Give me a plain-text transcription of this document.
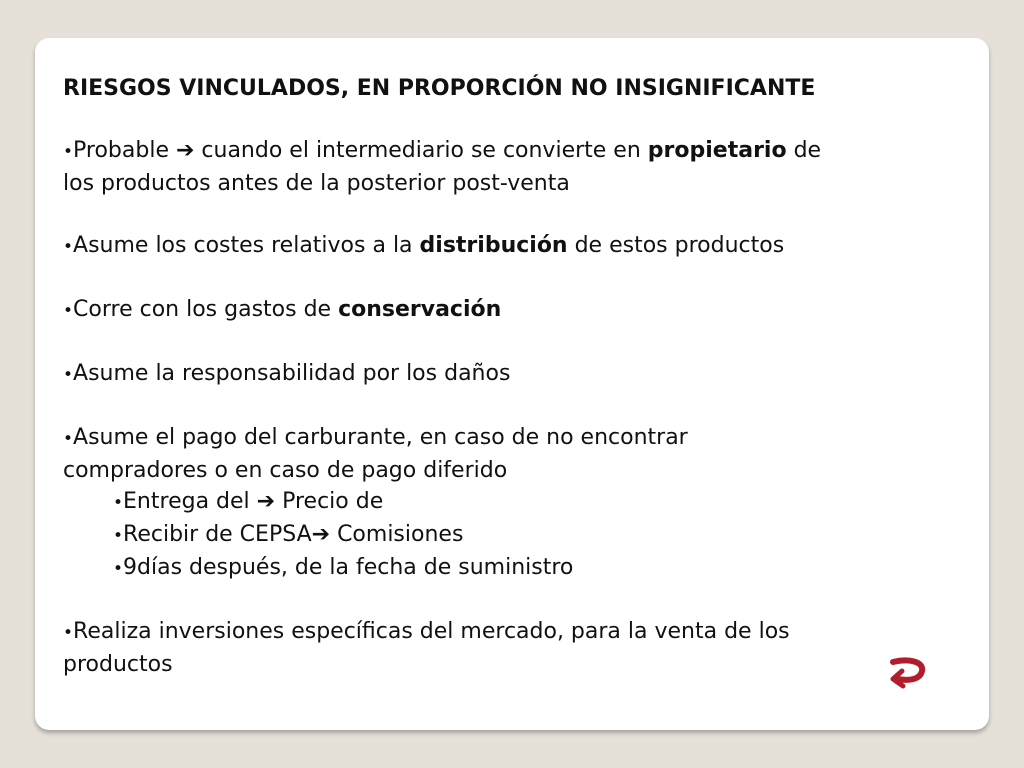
RIESGOS VINCULADOS, EN PROPORCIÓN NO INSIGNIFICANTE

•Probable ➔ cuando el intermediario se convierte en propietario de los productos antes de la posterior post-venta

•Asume los costes relativos a la distribución de estos productos

•Corre con los gastos de conservación

•Asume la responsabilidad por los daños

•Asume el pago del carburante, en caso de no encontrar compradores o en caso de pago diferido

•Entrega del ➔ Precio de

•Recibir de CEPSA➔ Comisiones

•9días después, de la fecha de suministro

•Realiza inversiones específicas del mercado, para la venta de los productos
